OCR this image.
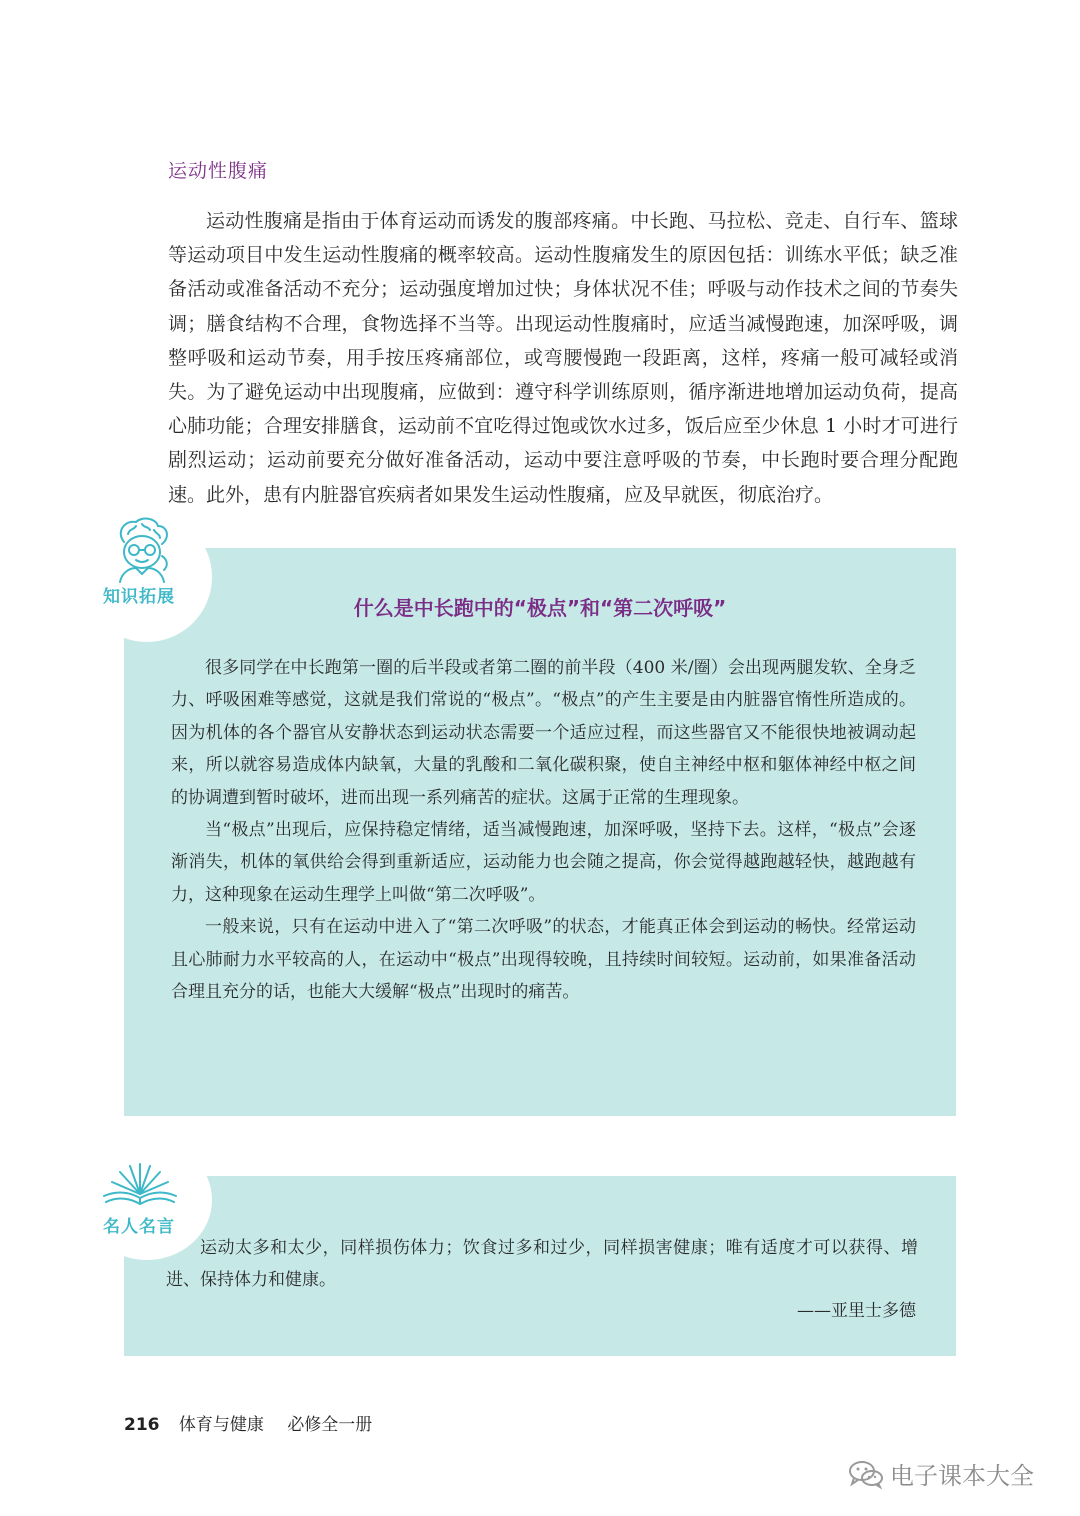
运动性腹痛

运动性腹痛是指由于体育运动而诱发的腹部疼痛。中长跑、马拉松、竞走、自行车、篮球等运动项目中发生运动性腹痛的概率较高。运动性腹痛发生的原因包括：训练水平低；缺乏准备活动或准备活动不充分；运动强度增加过快；身体状况不佳；呼吸与动作技术之间的节奏失调；膳食结构不合理，食物选择不当等。出现运动性腹痛时，应适当减慢跑速，加深呼吸，调整呼吸和运动节奏，用手按压疼痛部位，或弯腰慢跑一段距离，这样，疼痛一般可减轻或消失。为了避免运动中出现腹痛，应做到：遵守科学训练原则，循序渐进地增加运动负荷，提高心肺功能；合理安排膳食，运动前不宜吃得过饱或饮水过多，饭后应至少休息 1 小时才可进行剧烈运动；运动前要充分做好准备活动，运动中要注意呼吸的节奏，中长跑时要合理分配跑速。此外，患有内脏器官疾病者如果发生运动性腹痛，应及早就医，彻底治疗。

什么是中长跑中的“极点”和“第二次呼吸”

很多同学在中长跑第一圈的后半段或者第二圈的前半段（400 米/圈）会出现两腿发软、全身乏力、呼吸困难等感觉，这就是我们常说的“极点”。“极点”的产生主要是由内脏器官惰性所造成的。因为机体的各个器官从安静状态到运动状态需要一个适应过程，而这些器官又不能很快地被调动起来，所以就容易造成体内缺氧，大量的乳酸和二氧化碳积聚，使自主神经中枢和躯体神经中枢之间的协调遭到暂时破坏，进而出现一系列痛苦的症状。这属于正常的生理现象。

当“极点”出现后，应保持稳定情绪，适当减慢跑速，加深呼吸，坚持下去。这样，“极点”会逐渐消失，机体的氧供给会得到重新适应，运动能力也会随之提高，你会觉得越跑越轻快，越跑越有力，这种现象在运动生理学上叫做“第二次呼吸”。

一般来说，只有在运动中进入了“第二次呼吸”的状态，才能真正体会到运动的畅快。经常运动且心肺耐力水平较高的人，在运动中“极点”出现得较晚，且持续时间较短。运动前，如果准备活动合理且充分的话，也能大大缓解“极点”出现时的痛苦。

知识拓展

运动太多和太少，同样损伤体力；饮食过多和过少，同样损害健康；唯有适度才可以获得、增进、保持体力和健康。

——亚里士多德
名人名言
216 体育与健康 必修全一册
电子课本大全
